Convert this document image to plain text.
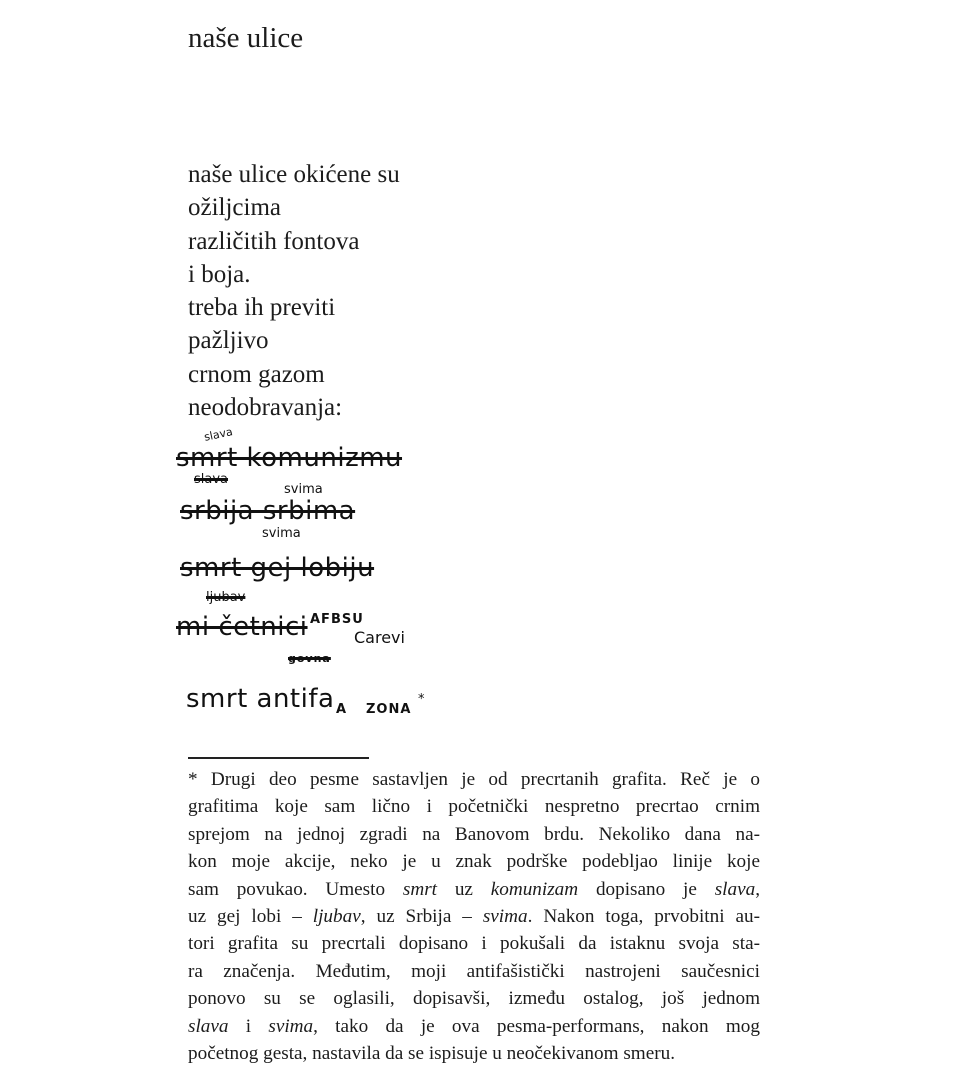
naše ulice
naše ulice okićene su
ožiljcima
različitih fontova
i boja.
treba ih previti
pažljivo
crnom gazom
neodobravanja:
slava
smrt komunizmu
slava
svima
srbija srbima
svima
smrt gej lobiju
ljubav
mi četnici AFBSU
Carevi
govna
smrt antifa A ZONA
*
* Drugi deo pesme sastavljen je od precrtanih grafita. Reč je o
grafitima koje sam lično i početnički nespretno precrtao crnim
sprejom na jednoj zgradi na Banovom brdu. Nekoliko dana na-
kon moje akcije, neko je u znak podrške podebljao linije koje
sam povukao. Umesto smrt uz komunizam dopisano je slava,
uz gej lobi – ljubav, uz Srbija – svima. Nakon toga, prvobitni au-
tori grafita su precrtali dopisano i pokušali da istaknu svoja sta-
ra značenja. Međutim, moji antifašistički nastrojeni saučesnici
ponovo su se oglasili, dopisavši, između ostalog, još jednom
slava i svima, tako da je ova pesma-performans, nakon mog
početnog gesta, nastavila da se ispisuje u neočekivanom smeru.
